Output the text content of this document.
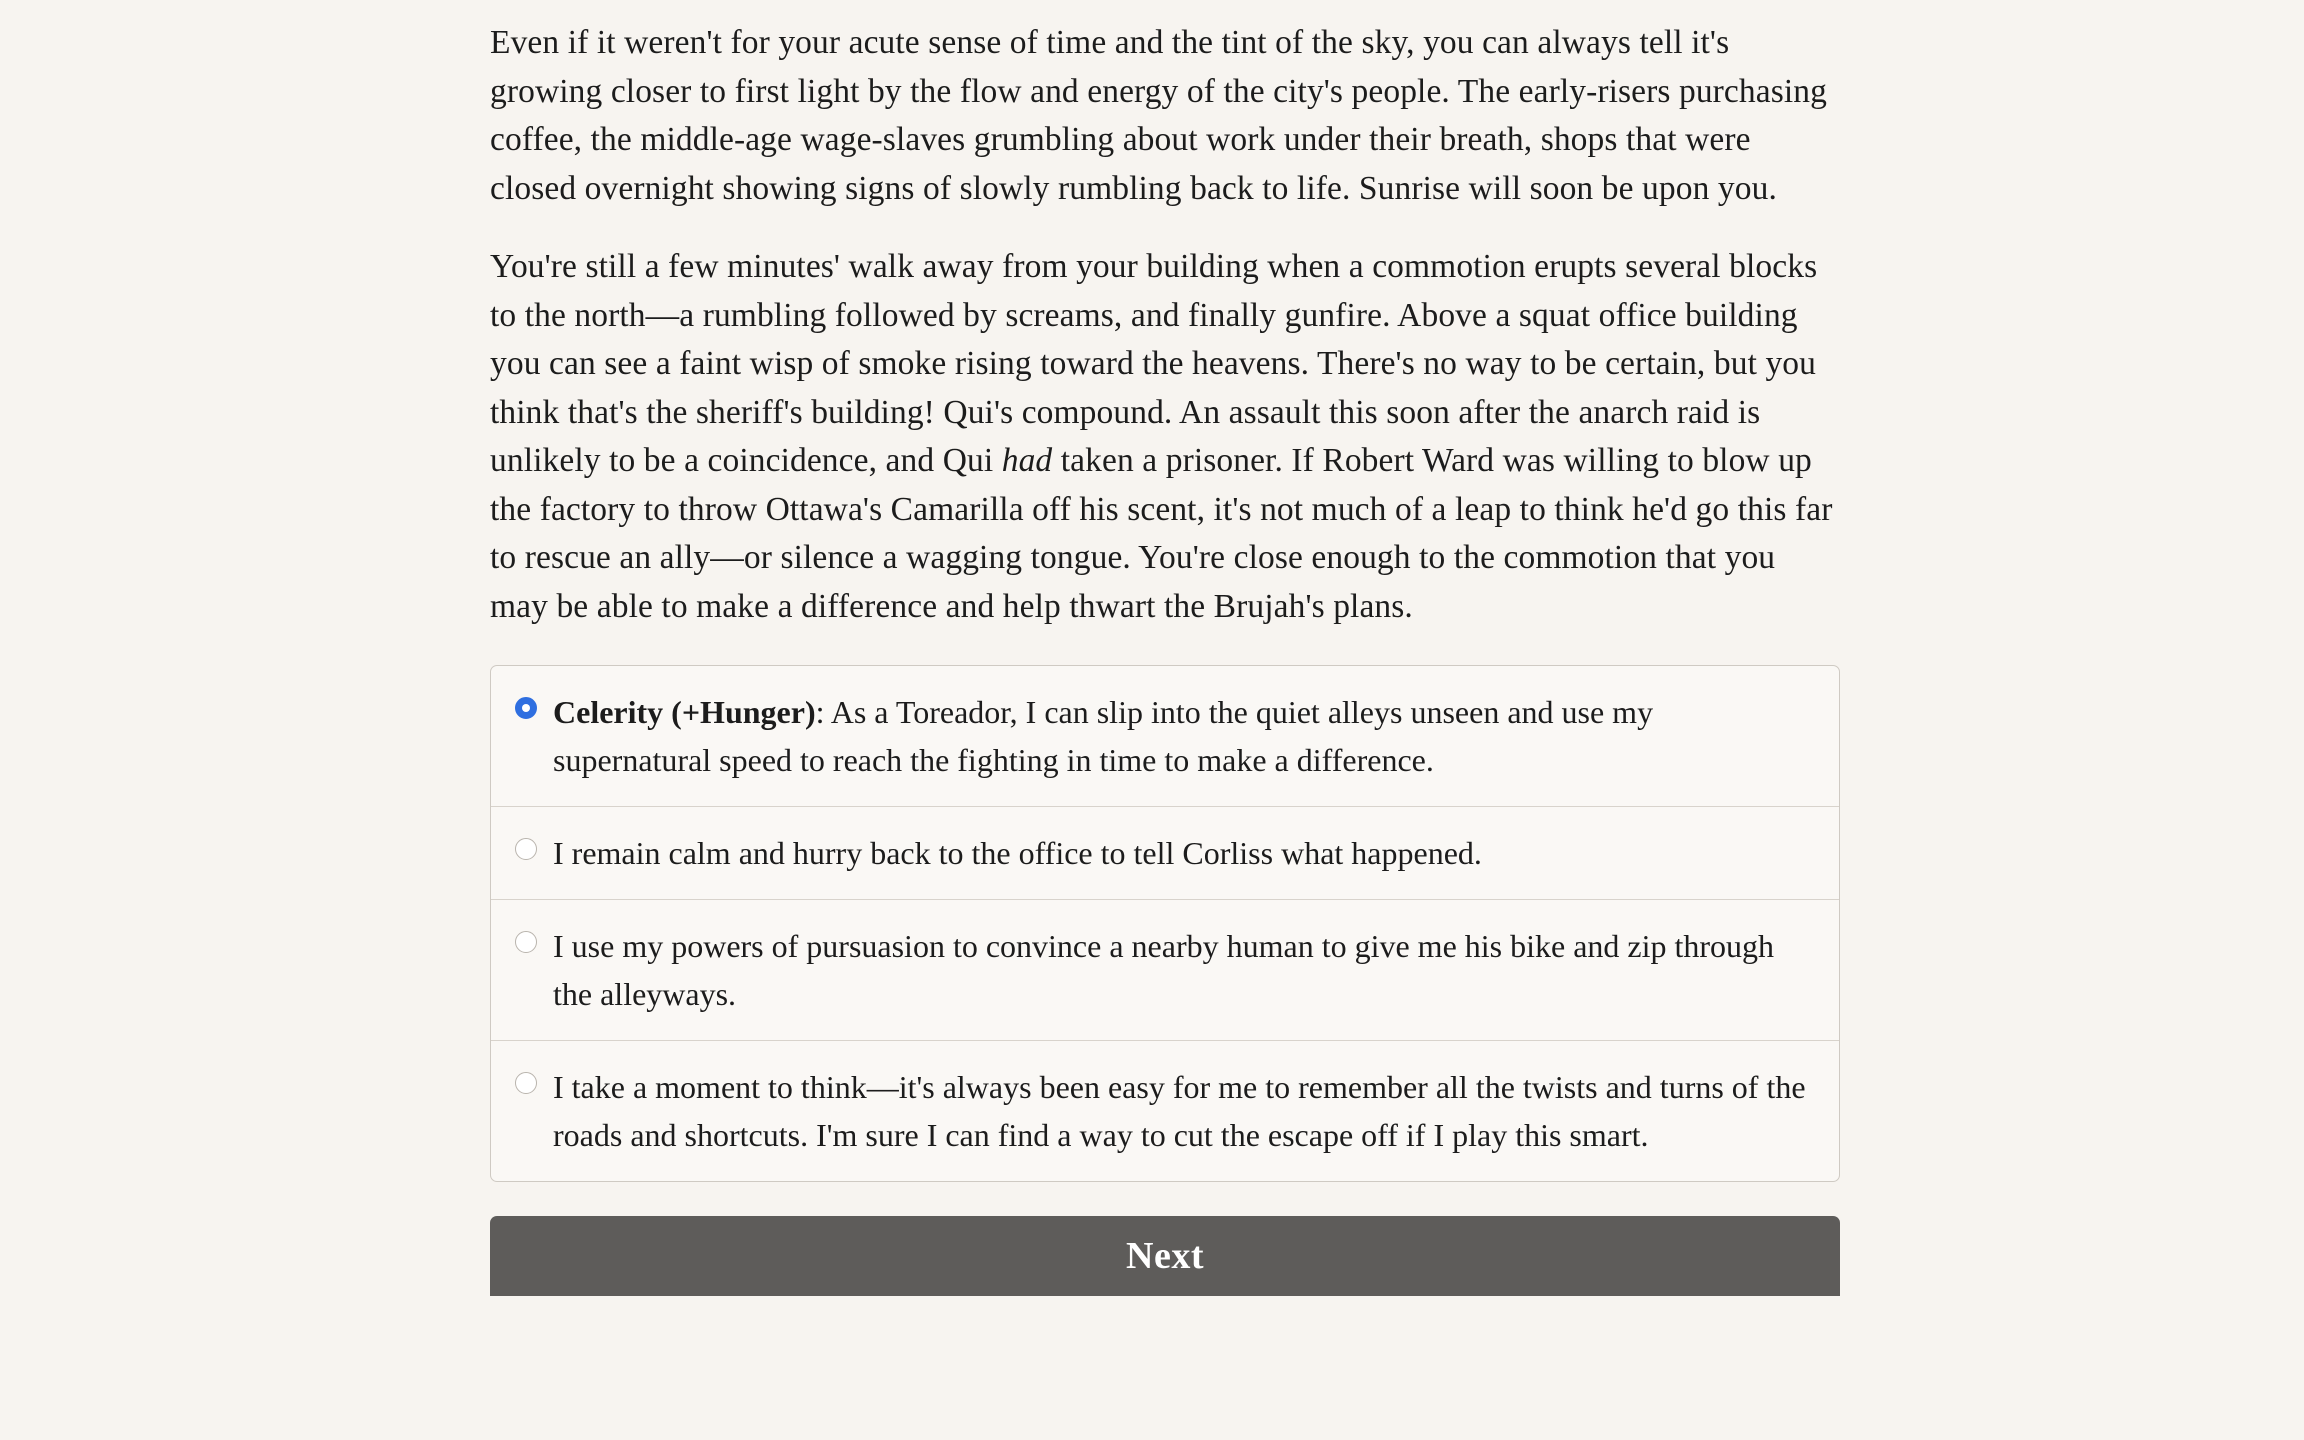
Even if it weren't for your acute sense of time and the tint of the sky, you can always tell it's growing closer to first light by the flow and energy of the city's people. The early-risers purchasing coffee, the middle-age wage-slaves grumbling about work under their breath, shops that were closed overnight showing signs of slowly rumbling back to life. Sunrise will soon be upon you.

You're still a few minutes' walk away from your building when a commotion erupts several blocks to the north—a rumbling followed by screams, and finally gunfire. Above a squat office building you can see a faint wisp of smoke rising toward the heavens. There's no way to be certain, but you think that's the sheriff's building! Qui's compound. An assault this soon after the anarch raid is unlikely to be a coincidence, and Qui had taken a prisoner. If Robert Ward was willing to blow up the factory to throw Ottawa's Camarilla off his scent, it's not much of a leap to think he'd go this far to rescue an ally—or silence a wagging tongue. You're close enough to the commotion that you may be able to make a difference and help thwart the Brujah's plans.

Celerity (+Hunger): As a Toreador, I can slip into the quiet alleys unseen and use my supernatural speed to reach the fighting in time to make a difference.
I remain calm and hurry back to the office to tell Corliss what happened.
I use my powers of pursuasion to convince a nearby human to give me his bike and zip through the alleyways.
I take a moment to think—it's always been easy for me to remember all the twists and turns of the roads and shortcuts. I'm sure I can find a way to cut the escape off if I play this smart.
Next
